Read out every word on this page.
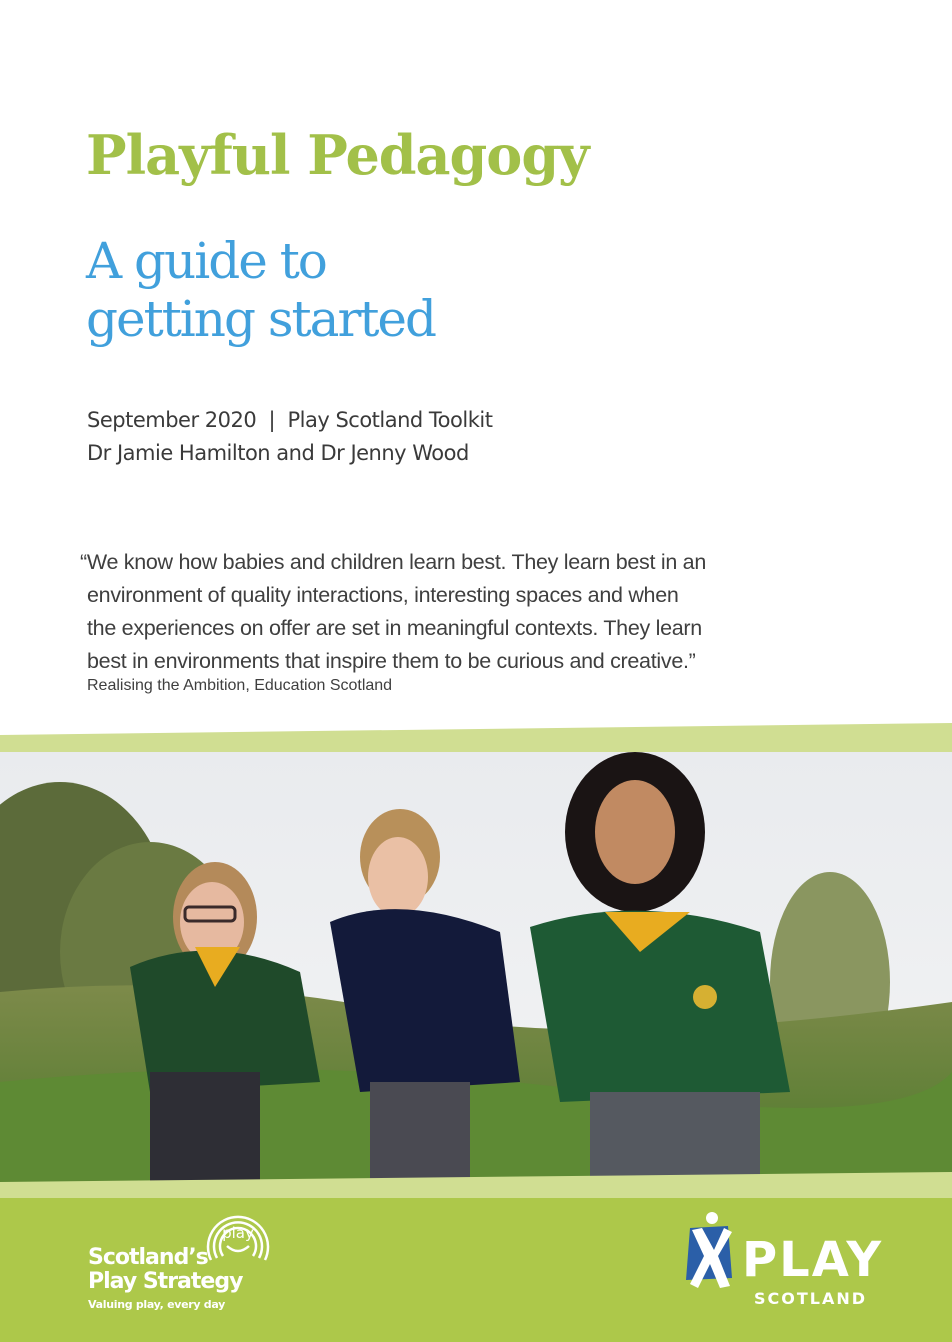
Playful Pedagogy
A guide to
getting started
September 2020  |  Play Scotland Toolkit
Dr Jamie Hamilton and Dr Jenny Wood

“We know how babies and children learn best. They learn best in an

environment of quality interactions, interesting spaces and when

the experiences on offer are set in meaningful contexts. They learn

best in environments that inspire them to be curious and creative.”

Realising the Ambition, Education Scotland
play
Scotland’s
Play Strategy
Valuing play, every day
PLAY
SCOTLAND
